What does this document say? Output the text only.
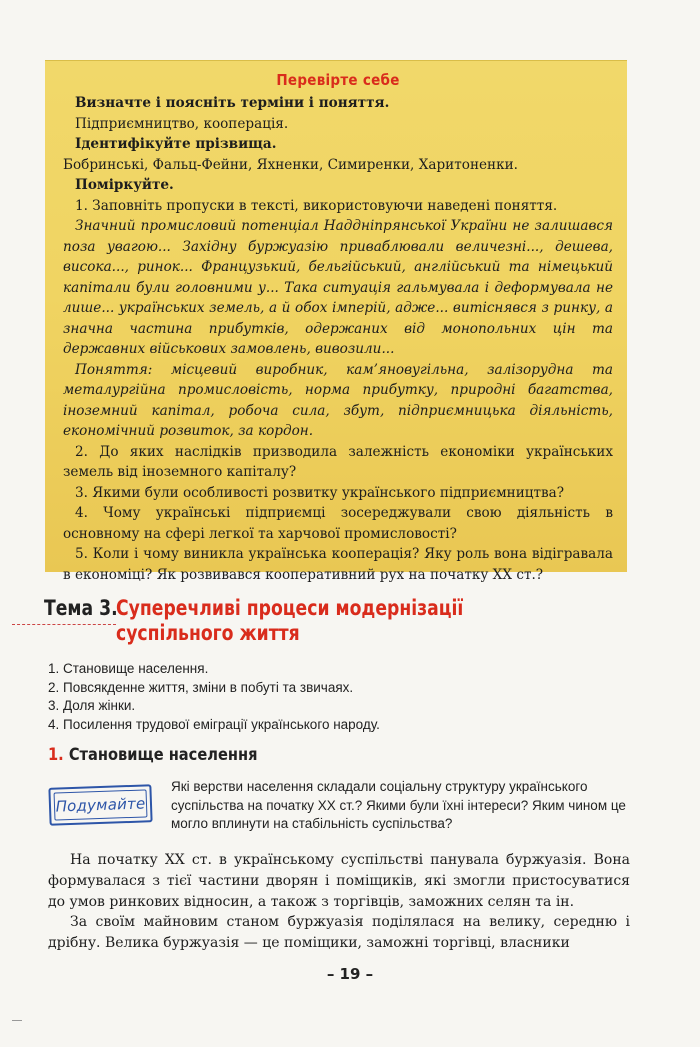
Перевірте себе

Визначте і поясніть терміни і поняття.

Підприємництво, кооперація.

Ідентифікуйте прізвища.

Бобринські, Фальц-Фейни, Яхненки, Симиренки, Харитоненки.

Поміркуйте.

1. Заповніть пропуски в тексті, використовуючи наведені поняття.

Значний промисловий потенціал Наддніпрянської України не залишався поза увагою... Західну буржуазію приваблювали величезні..., дешева, висока..., ринок... Французький, бельгійський, англійський та німецький капітали були головними у... Така ситуація гальмувала і деформувала не лише... українських земель, а й обох імперій, адже... витіснявся з ринку, а значна частина прибутків, одержаних від монопольних цін та державних військових замовлень, вивозили...

Поняття: місцевий виробник, кам’яновугільна, залізорудна та металургійна промисловість, норма прибутку, природні багатства, іноземний капітал, робоча сила, збут, підприємницька діяльність, економічний розвиток, за кордон.

2. До яких наслідків призводила залежність економіки українських земель від іноземного капіталу?

3. Якими були особливості розвитку українського підприємництва?

4. Чому українські підприємці зосереджували свою діяльність в основному на сфері легкої та харчової промисловості?

5. Коли і чому виникла українська кооперація? Яку роль вона відігравала в економіці? Як розвивався кооперативний рух на початку XX ст.?

Тема 3.
Суперечливі процеси модернізації
суспільного життя

1. Становище населення.

2. Повсякденне життя, зміни в побуті та звичаях.

3. Доля жінки.

4. Посилення трудової еміграції українського народу.

1. Становище населення
Подумайте

Які верстви населення складали соціальну структуру українського суспільства на початку XX ст.? Якими були їхні інтереси? Яким чином це могло вплинути на стабільність суспільства?

На початку XX ст. в українському суспільстві панувала буржуазія. Вона формувалася з тієї частини дворян і поміщиків, які змогли пристосуватися до умов ринкових відносин, а також з торгівців, заможних селян та ін.

За своїм майновим станом буржуазія поділялася на велику, середню і дрібну. Велика буржуазія — це поміщики, заможні торгівці, власники

– 19 –
